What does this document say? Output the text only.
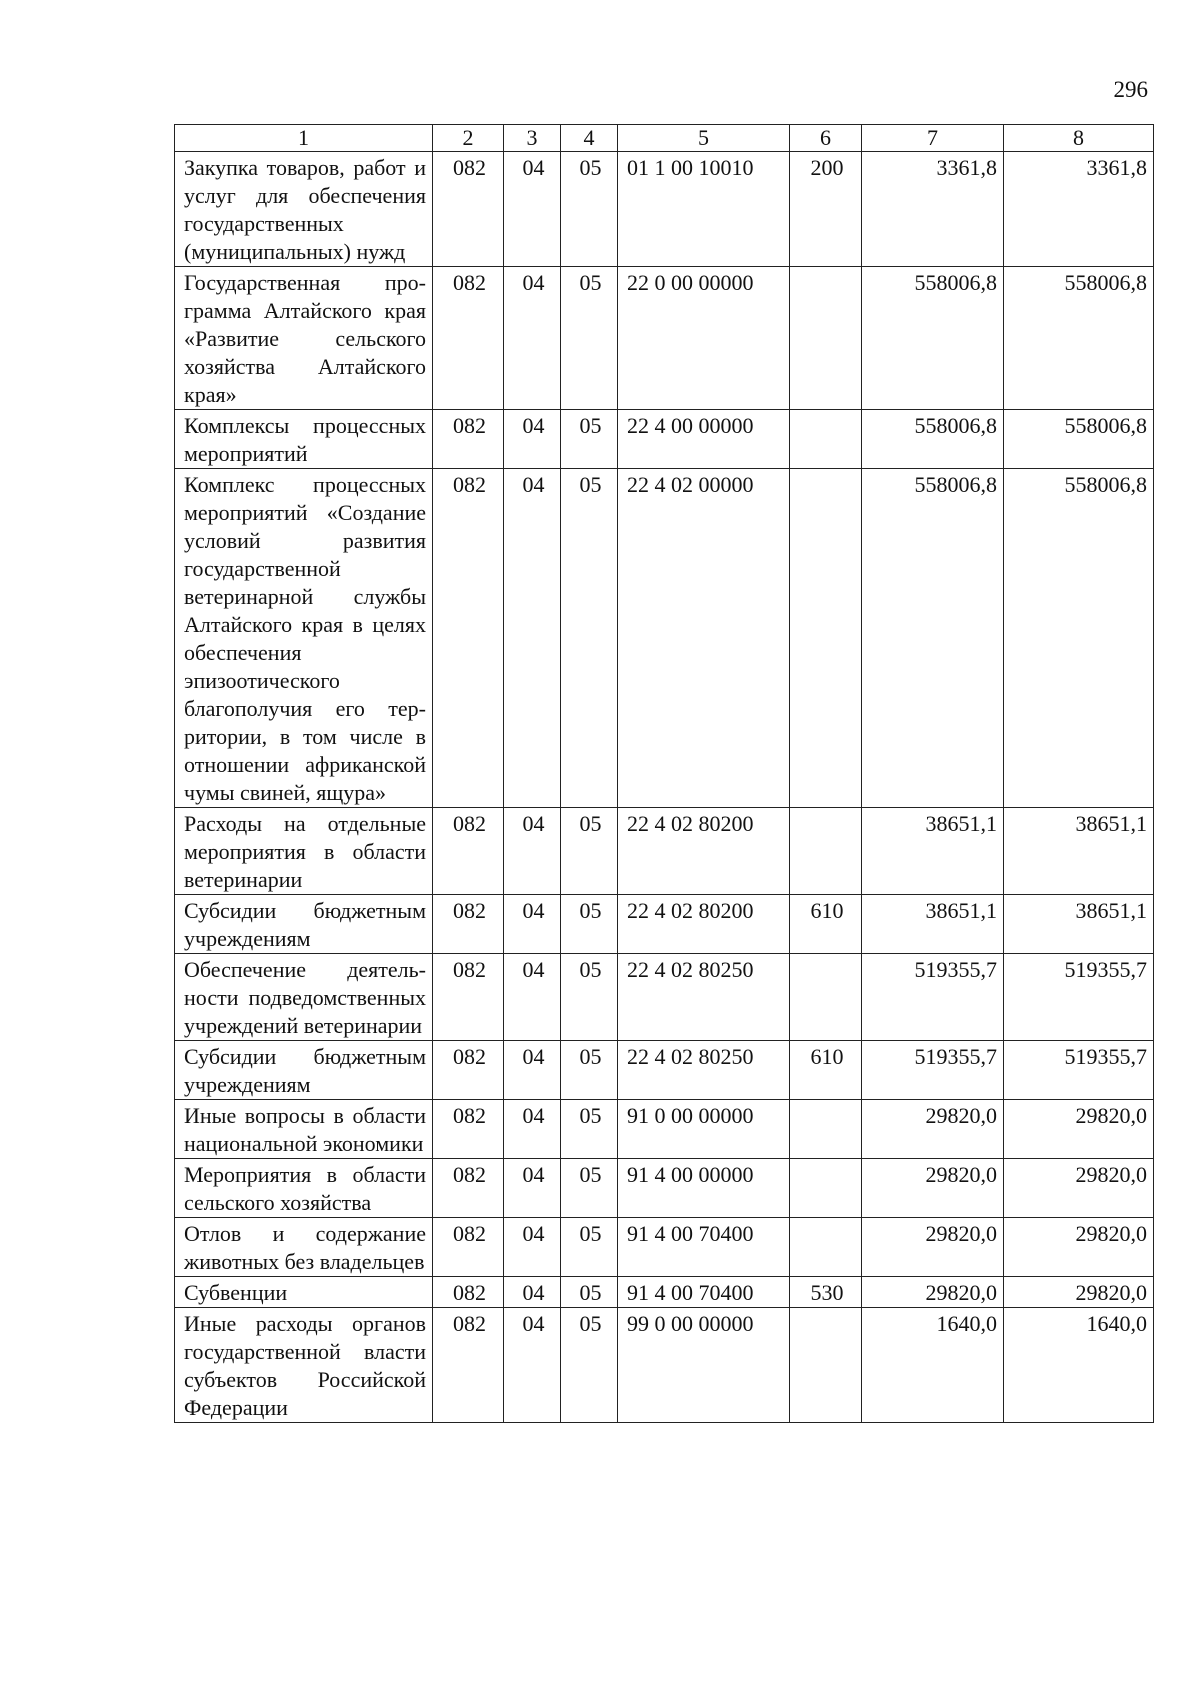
296
1	2	3	4	5	6	7	8
Закупка товаров, работ и услуг для обеспечения государственных (муниципальных) нужд	082	04	05	01 1 00 10010	200	3361,8	3361,8
Государственная программа Алтайского края «Развитие сельского хозяйства Алтайского края»	082	04	05	22 0 00 00000		558006,8	558006,8
Комплексы процессных мероприятий	082	04	05	22 4 00 00000		558006,8	558006,8
Комплекс процессных мероприятий «Создание условий развития государственной ветеринарной службы Алтайского края в целях обеспечения эпизоотического благополучия его территории, в том числе в отношении африканской чумы свиней, ящура»	082	04	05	22 4 02 00000		558006,8	558006,8
Расходы на отдельные мероприятия в области ветеринарии	082	04	05	22 4 02 80200		38651,1	38651,1
Субсидии бюджетным учреждениям	082	04	05	22 4 02 80200	610	38651,1	38651,1
Обеспечение деятельности подведомственных учреждений ветеринарии	082	04	05	22 4 02 80250		519355,7	519355,7
Субсидии бюджетным учреждениям	082	04	05	22 4 02 80250	610	519355,7	519355,7
Иные вопросы в области национальной экономики	082	04	05	91 0 00 00000		29820,0	29820,0
Мероприятия в области сельского хозяйства	082	04	05	91 4 00 00000		29820,0	29820,0
Отлов и содержание животных без владельцев	082	04	05	91 4 00 70400		29820,0	29820,0
Субвенции	082	04	05	91 4 00 70400	530	29820,0	29820,0
Иные расходы органов государственной власти субъектов Российской Федерации	082	04	05	99 0 00 00000		1640,0	1640,0
